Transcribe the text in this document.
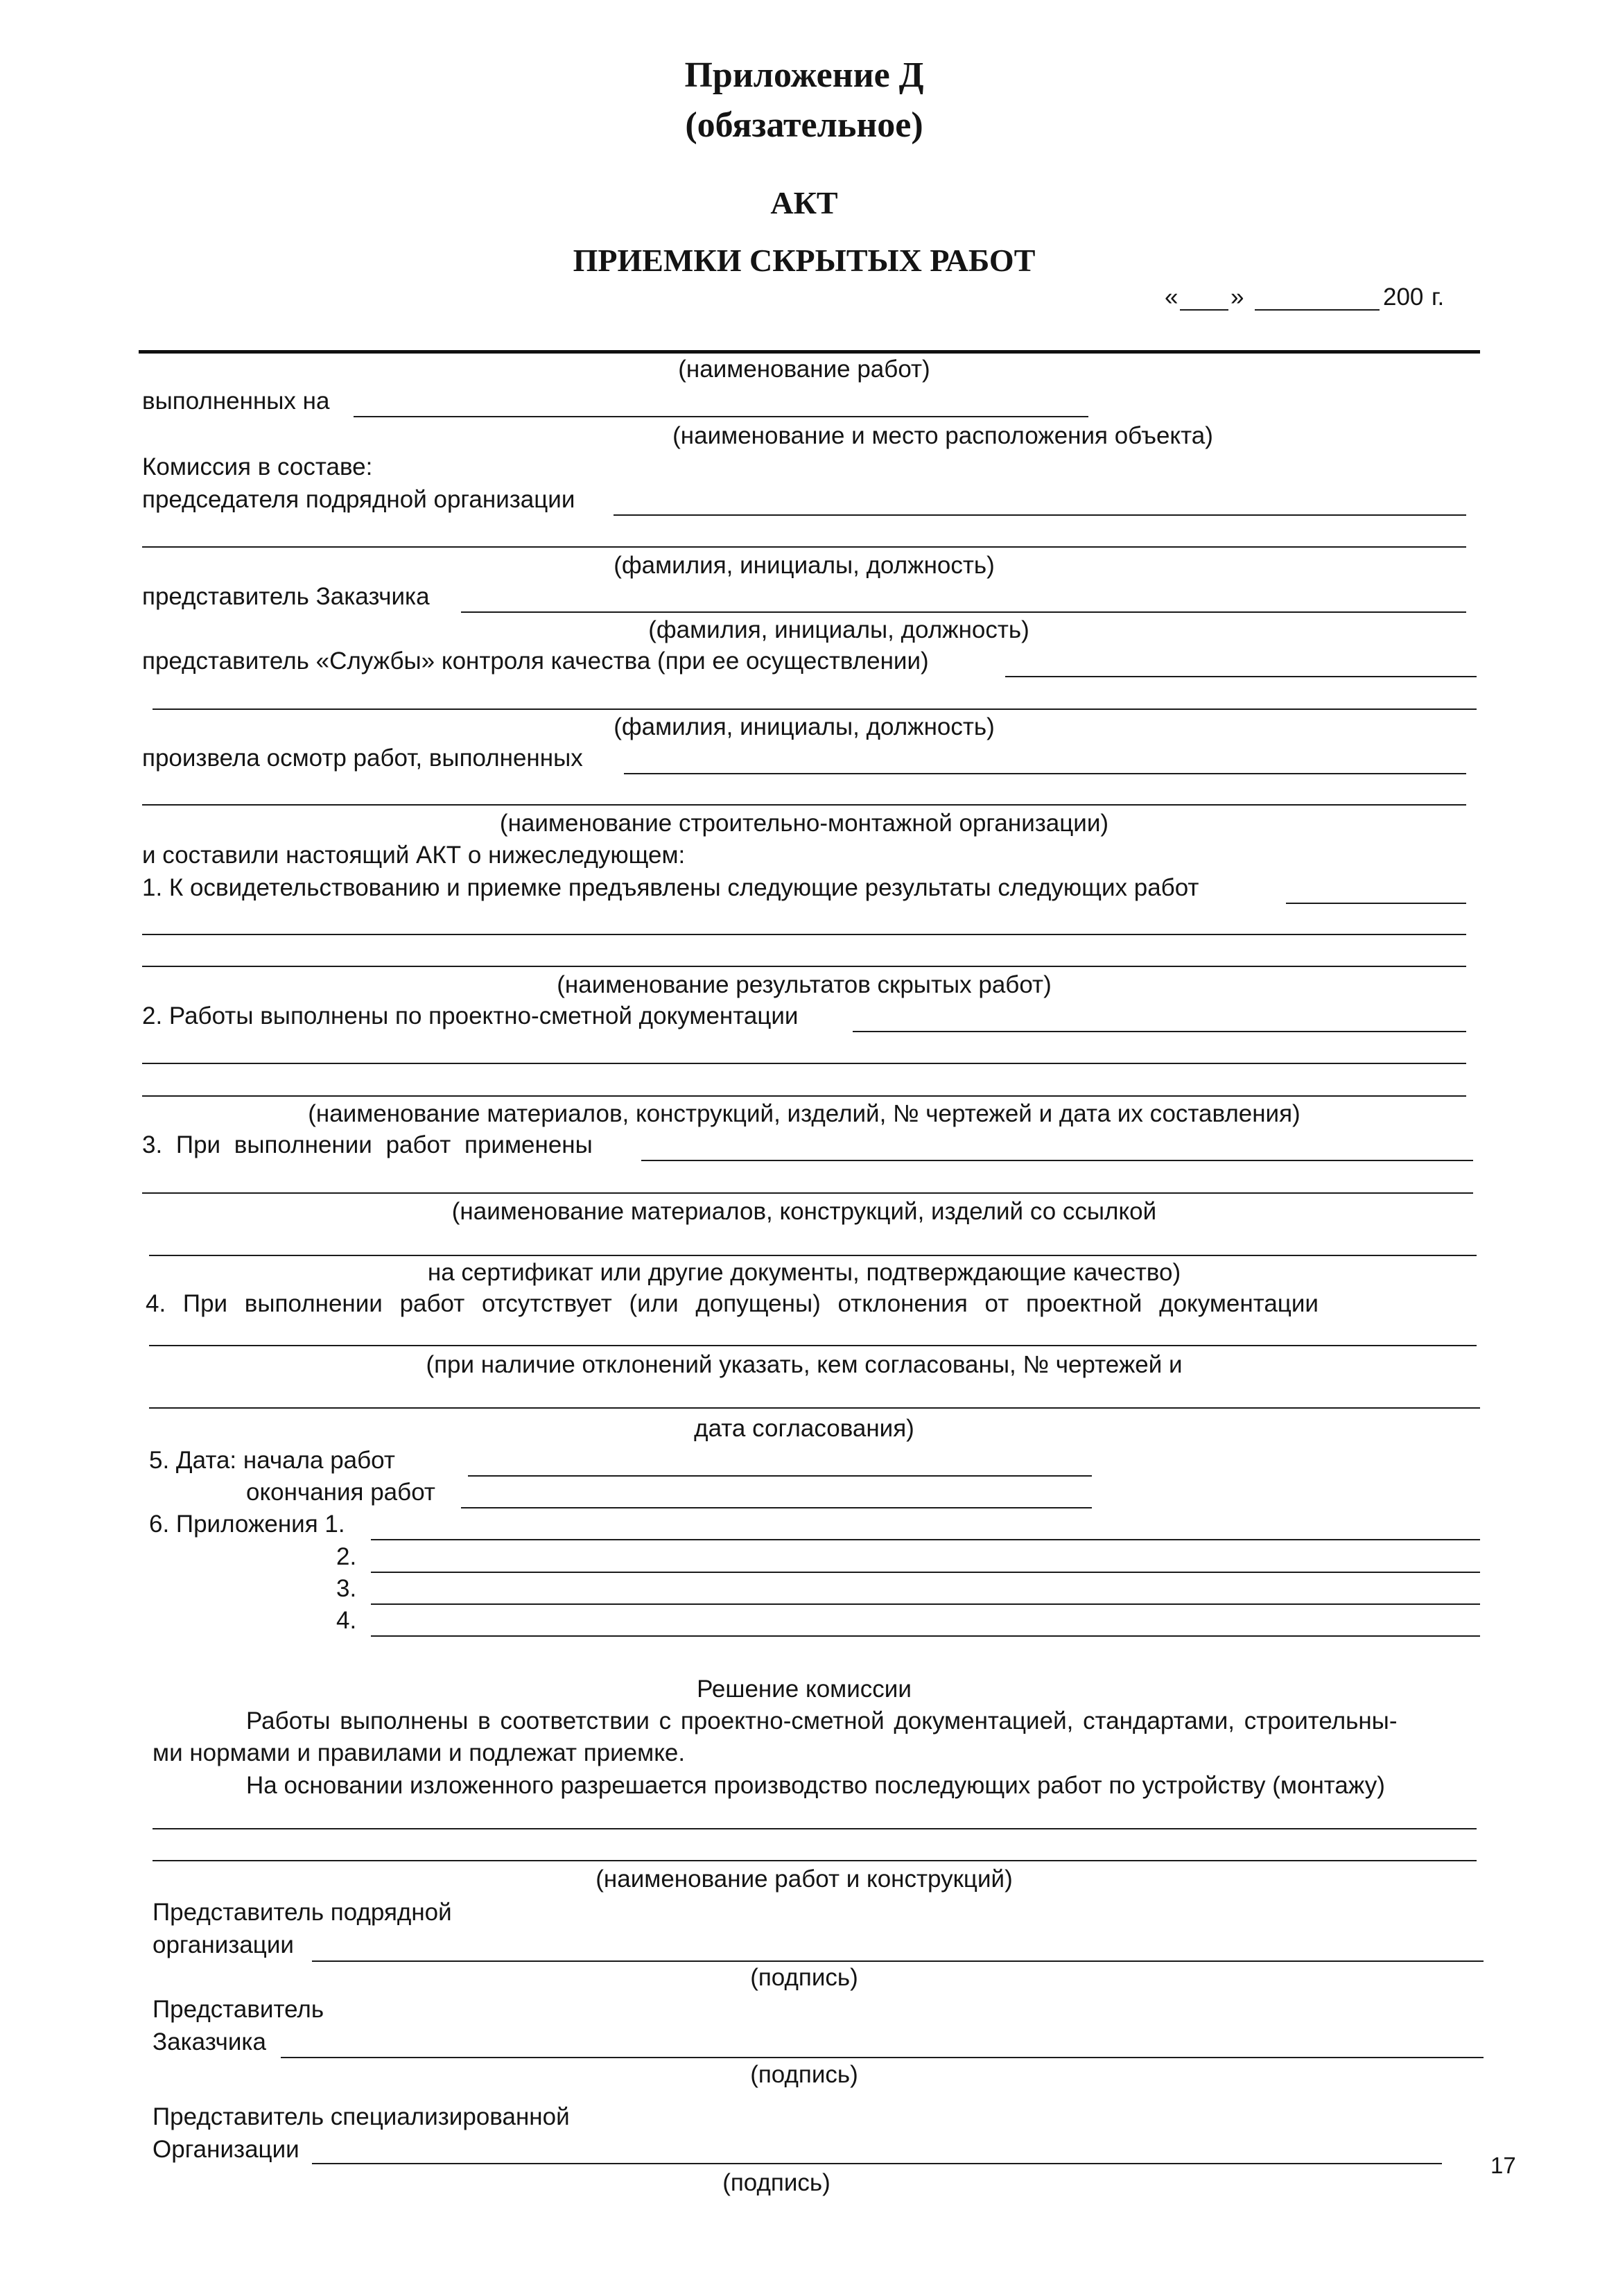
Приложение Д
(обязательное)
АКТ
ПРИЕМКИ СКРЫТЫХ РАБОТ
« »	200 г.
(наименование работ)
выполненных на
(наименование и место расположения объекта)
Комиссия в составе:
председателя подрядной организации
(фамилия, инициалы, должность)
представитель Заказчика
(фамилия, инициалы, должность)
представитель «Службы» контроля качества (при ее осуществлении)
(фамилия, инициалы, должность)
произвела осмотр работ, выполненных
(наименование строительно-монтажной организации)
и составили настоящий АКТ о нижеследующем:
1. К освидетельствованию и приемке предъявлены следующие результаты следующих работ
(наименование результатов скрытых работ)
2. Работы выполнены по проектно-сметной документации
(наименование материалов, конструкций, изделий, № чертежей и дата их составления)
3. При выполнении работ применены
(наименование материалов, конструкций, изделий со ссылкой
на сертификат или другие документы, подтверждающие качество)
4. При выполнении работ отсутствует (или допущены) отклонения от проектной документации
(при наличие отклонений указать, кем согласованы, № чертежей и
дата согласования)
5. Дата: начала работ
окончания работ
6. Приложения 1.
2.
3.
4.
Решение комиссии
Работы выполнены в соответствии с проектно-сметной документацией, стандартами, строительны-
ми нормами и правилами и подлежат приемке.
На основании изложенного разрешается производство последующих работ по устройству (монтажу)
(наименование работ и конструкций)
Представитель подрядной
организации
(подпись)
Представитель
Заказчика
(подпись)
Представитель специализированной
Организации
(подпись)
17
